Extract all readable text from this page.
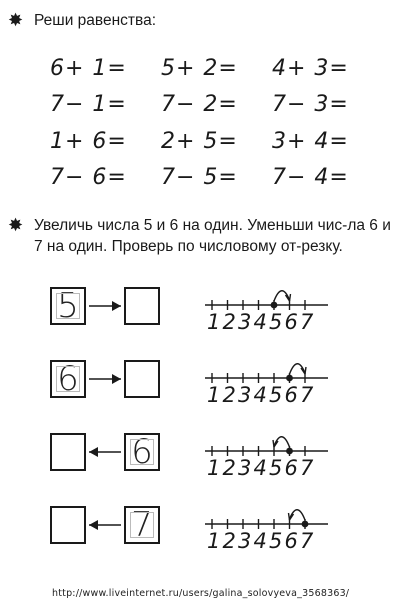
✸ Реши равенства:
6+ 1=	5+ 2=	4+ 3=
7− 1=	7− 2=	7− 3=
1+ 6=	2+ 5=	3+ 4=
7− 6=	7− 5=	7− 4=
✸ Увеличь числа 5 и 6 на один. Уменьши чис-ла 6 и 7 на один. Проверь по числовому от-резку.
5	1 2 3 4 5 6 7
6	1 2 3 4 5 6 7
6	1 2 3 4 5 6 7
7	1 2 3 4 5 6 7
http://www.liveinternet.ru/users/galina_solovyeva_3568363/
